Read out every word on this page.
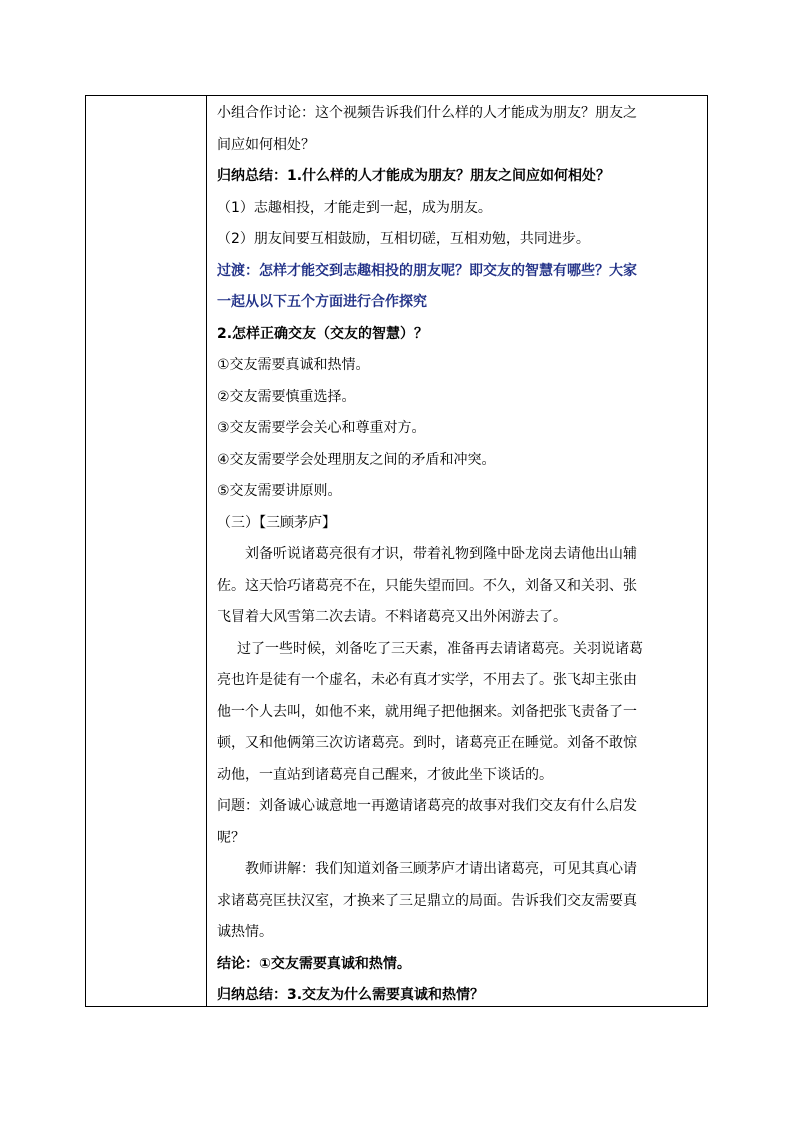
小组合作讨论：这个视频告诉我们什么样的人才能成为朋友？朋友之
间应如何相处？
归纳总结：1.什么样的人才能成为朋友？朋友之间应如何相处？
（1）志趣相投，才能走到一起，成为朋友。
（2）朋友间要互相鼓励，互相切磋，互相劝勉，共同进步。
过渡：怎样才能交到志趣相投的朋友呢？即交友的智慧有哪些？大家
一起从以下五个方面进行合作探究
2.怎样正确交友（交友的智慧）？
①交友需要真诚和热情。
②交友需要慎重选择。
③交友需要学会关心和尊重对方。
④交友需要学会处理朋友之间的矛盾和冲突。
⑤交友需要讲原则。
（三）【三顾茅庐】
刘备听说诸葛亮很有才识，带着礼物到隆中卧龙岗去请他出山辅
佐。这天恰巧诸葛亮不在，只能失望而回。不久，刘备又和关羽、张
飞冒着大风雪第二次去请。不料诸葛亮又出外闲游去了。
过了一些时候，刘备吃了三天素，准备再去请诸葛亮。关羽说诸葛
亮也许是徒有一个虚名，未必有真才实学，不用去了。张飞却主张由
他一个人去叫，如他不来，就用绳子把他捆来。刘备把张飞责备了一
顿，又和他俩第三次访诸葛亮。到时，诸葛亮正在睡觉。刘备不敢惊
动他，一直站到诸葛亮自己醒来，才彼此坐下谈话的。
问题：刘备诚心诚意地一再邀请诸葛亮的故事对我们交友有什么启发
呢？
教师讲解：我们知道刘备三顾茅庐才请出诸葛亮，可见其真心请
求诸葛亮匡扶汉室，才换来了三足鼎立的局面。告诉我们交友需要真
诚热情。
结论：①交友需要真诚和热情。
归纳总结：3.交友为什么需要真诚和热情？
